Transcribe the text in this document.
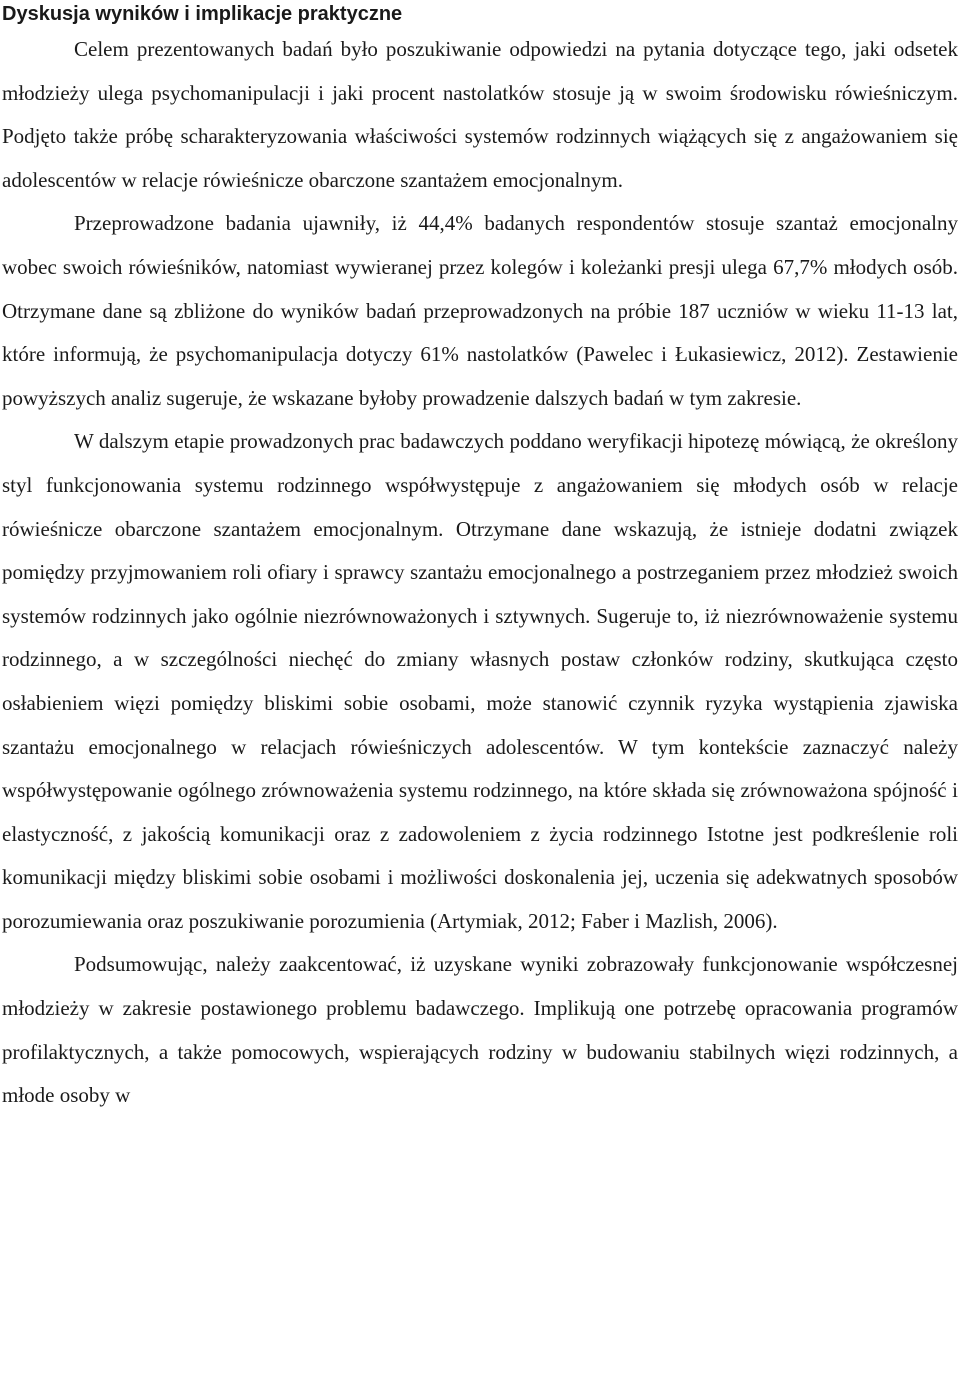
Dyskusja wyników i implikacje praktyczne

Celem prezentowanych badań było poszukiwanie odpowiedzi na pytania dotyczące tego, jaki odsetek młodzieży ulega psychomanipulacji i jaki procent nastolatków stosuje ją w swoim środowisku rówieśniczym. Podjęto także próbę scharakteryzowania właściwości systemów rodzinnych wiążących się z angażowaniem się adolescentów w relacje rówieśnicze obarczone szantażem emocjonalnym.

Przeprowadzone badania ujawniły, iż 44,4% badanych respondentów stosuje szantaż emocjonalny wobec swoich rówieśników, natomiast wywieranej przez kolegów i koleżanki presji ulega 67,7% młodych osób. Otrzymane dane są zbliżone do wyników badań przeprowadzonych na próbie 187 uczniów w wieku 11-13 lat, które informują, że psychomanipulacja dotyczy 61% nastolatków (Pawelec i Łukasiewicz, 2012). Zestawienie powyższych analiz sugeruje, że wskazane byłoby prowadzenie dalszych badań w tym zakresie.

W dalszym etapie prowadzonych prac badawczych poddano weryfikacji hipotezę mówiącą, że określony styl funkcjonowania systemu rodzinnego współwystępuje z angażowaniem się młodych osób w relacje rówieśnicze obarczone szantażem emocjonalnym. Otrzymane dane wskazują, że istnieje dodatni związek pomiędzy przyjmowaniem roli ofiary i sprawcy szantażu emocjonalnego a postrzeganiem przez młodzież swoich systemów rodzinnych jako ogólnie niezrównoważonych i sztywnych. Sugeruje to, iż niezrównoważenie systemu rodzinnego, a w szczególności niechęć do zmiany własnych postaw członków rodziny, skutkująca często osłabieniem więzi pomiędzy bliskimi sobie osobami, może stanowić czynnik ryzyka wystąpienia zjawiska szantażu emocjonalnego w relacjach rówieśniczych adolescentów. W tym kontekście zaznaczyć należy współwystępowanie ogólnego zrównoważenia systemu rodzinnego, na które składa się zrównoważona spójność i elastyczność, z jakością komunikacji oraz z zadowoleniem z życia rodzinnego Istotne jest podkreślenie roli komunikacji między bliskimi sobie osobami i możliwości doskonalenia jej, uczenia się adekwatnych sposobów porozumiewania oraz poszukiwanie porozumienia (Artymiak, 2012; Faber i Mazlish, 2006).

Podsumowując, należy zaakcentować, iż uzyskane wyniki zobrazowały funkcjonowanie współczesnej młodzieży w zakresie postawionego problemu badawczego. Implikują one potrzebę opracowania programów profilaktycznych, a także pomocowych, wspierających rodziny w budowaniu stabilnych więzi rodzinnych, a młode osoby w
